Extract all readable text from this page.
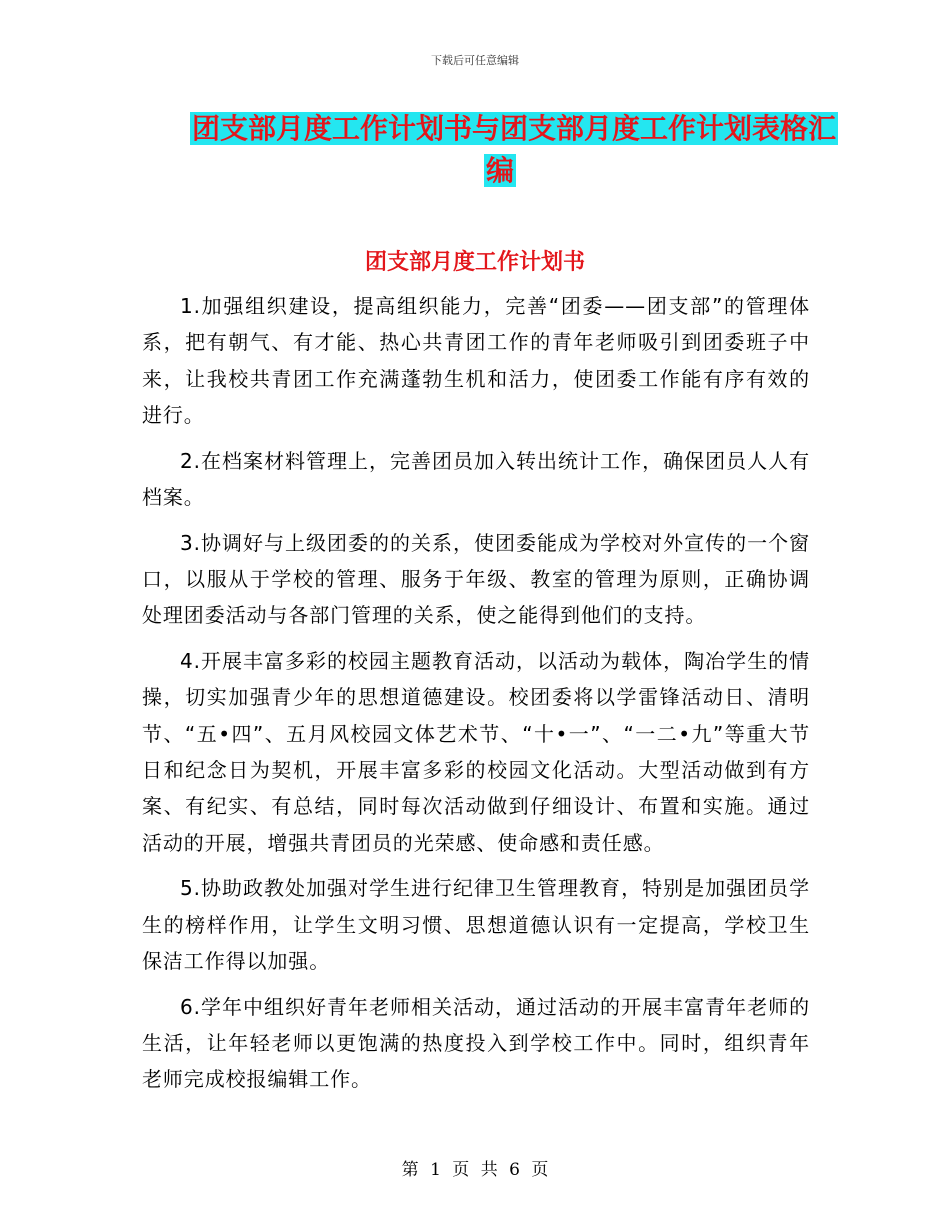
下载后可任意编辑
团支部月度工作计划书与团支部月度工作计划表格汇
编
团支部月度工作计划书

1.加强组织建设，提高组织能力，完善“团委——团支部”的管理体系，把有朝气、有才能、热心共青团工作的青年老师吸引到团委班子中来，让我校共青团工作充满蓬勃生机和活力，使团委工作能有序有效的进行。

2.在档案材料管理上，完善团员加入转出统计工作，确保团员人人有档案。

3.协调好与上级团委的的关系，使团委能成为学校对外宣传的一个窗口，以服从于学校的管理、服务于年级、教室的管理为原则，正确协调处理团委活动与各部门管理的关系，使之能得到他们的支持。

4.开展丰富多彩的校园主题教育活动，以活动为载体，陶冶学生的情操，切实加强青少年的思想道德建设。校团委将以学雷锋活动日、清明节、“五•四”、五月风校园文体艺术节、“十•一”、“一二•九”等重大节日和纪念日为契机，开展丰富多彩的校园文化活动。大型活动做到有方案、有纪实、有总结，同时每次活动做到仔细设计、布置和实施。通过活动的开展，增强共青团员的光荣感、使命感和责任感。

5.协助政教处加强对学生进行纪律卫生管理教育，特别是加强团员学生的榜样作用，让学生文明习惯、思想道德认识有一定提高，学校卫生保洁工作得以加强。

6.学年中组织好青年老师相关活动，通过活动的开展丰富青年老师的生活，让年轻老师以更饱满的热度投入到学校工作中。同时，组织青年老师完成校报编辑工作。

第 1 页 共 6 页
